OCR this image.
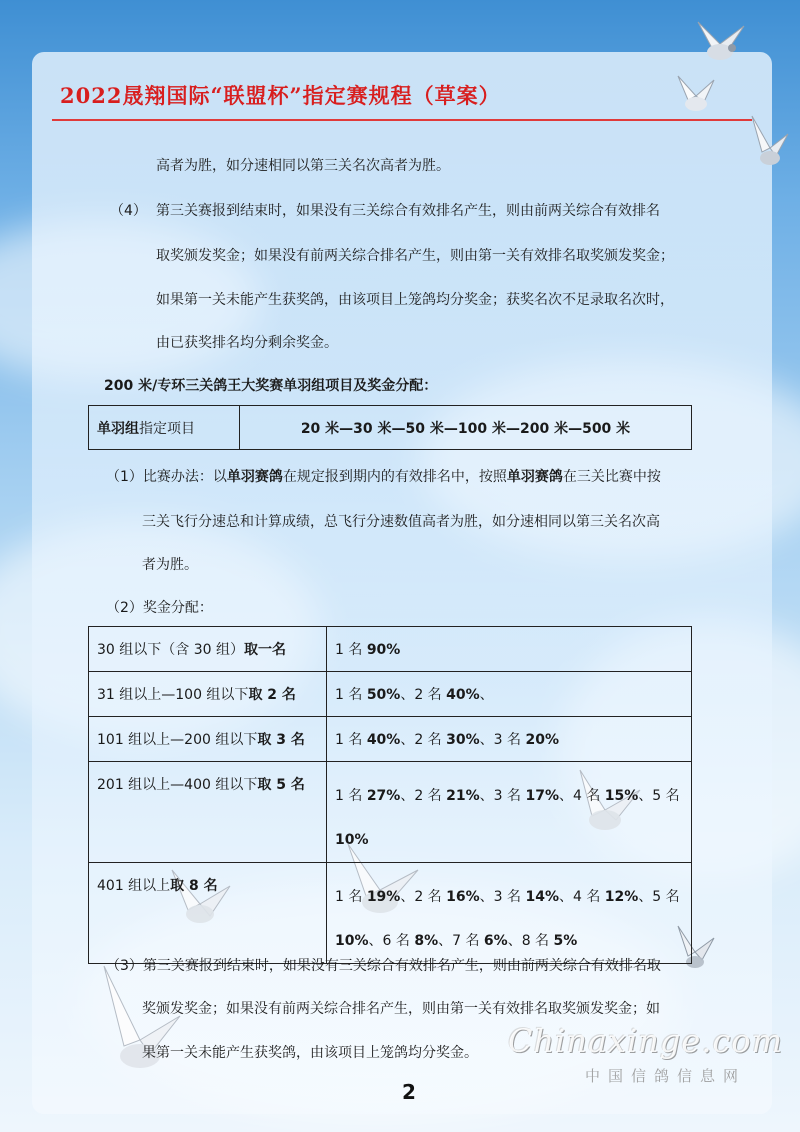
2022晟翔国际“联盟杯”指定赛规程（草案）
高者为胜，如分速相同以第三关名次高者为胜。
（4） 第三关赛报到结束时，如果没有三关综合有效排名产生，则由前两关综合有效排名
取奖颁发奖金；如果没有前两关综合排名产生，则由第一关有效排名取奖颁发奖金；
如果第一关未能产生获奖鸽，由该项目上笼鸽均分奖金；获奖名次不足录取名次时，
由已获奖排名均分剩余奖金。
200 米/专环三关鸽王大奖赛单羽组项目及奖金分配：
单羽组指定项目	20 米—30 米—50 米—100 米—200 米—500 米
（1）比赛办法：以单羽赛鸽在规定报到期内的有效排名中，按照单羽赛鸽在三关比赛中按
三关飞行分速总和计算成绩，总飞行分速数值高者为胜，如分速相同以第三关名次高
者为胜。
（2）奖金分配：
30 组以下（含 30 组）取一名	1 名 90%
31 组以上—100 组以下取 2 名	1 名 50%、2 名 40%、
101 组以上—200 组以下取 3 名	1 名 40%、2 名 30%、3 名 20%
201 组以上—400 组以下取 5 名	1 名 27%、2 名 21%、3 名 17%、4 名 15%、5 名
10%

401 组以上取 8 名	1 名 19%、2 名 16%、3 名 14%、4 名 12%、5 名
10%、6 名 8%、7 名 6%、8 名 5%
（3）第三关赛报到结束时，如果没有三关综合有效排名产生，则由前两关综合有效排名取
奖颁发奖金；如果没有前两关综合排名产生，则由第一关有效排名取奖颁发奖金；如
果第一关未能产生获奖鸽，由该项目上笼鸽均分奖金。
2
Chinaxinge.com
中国信鸽信息网
